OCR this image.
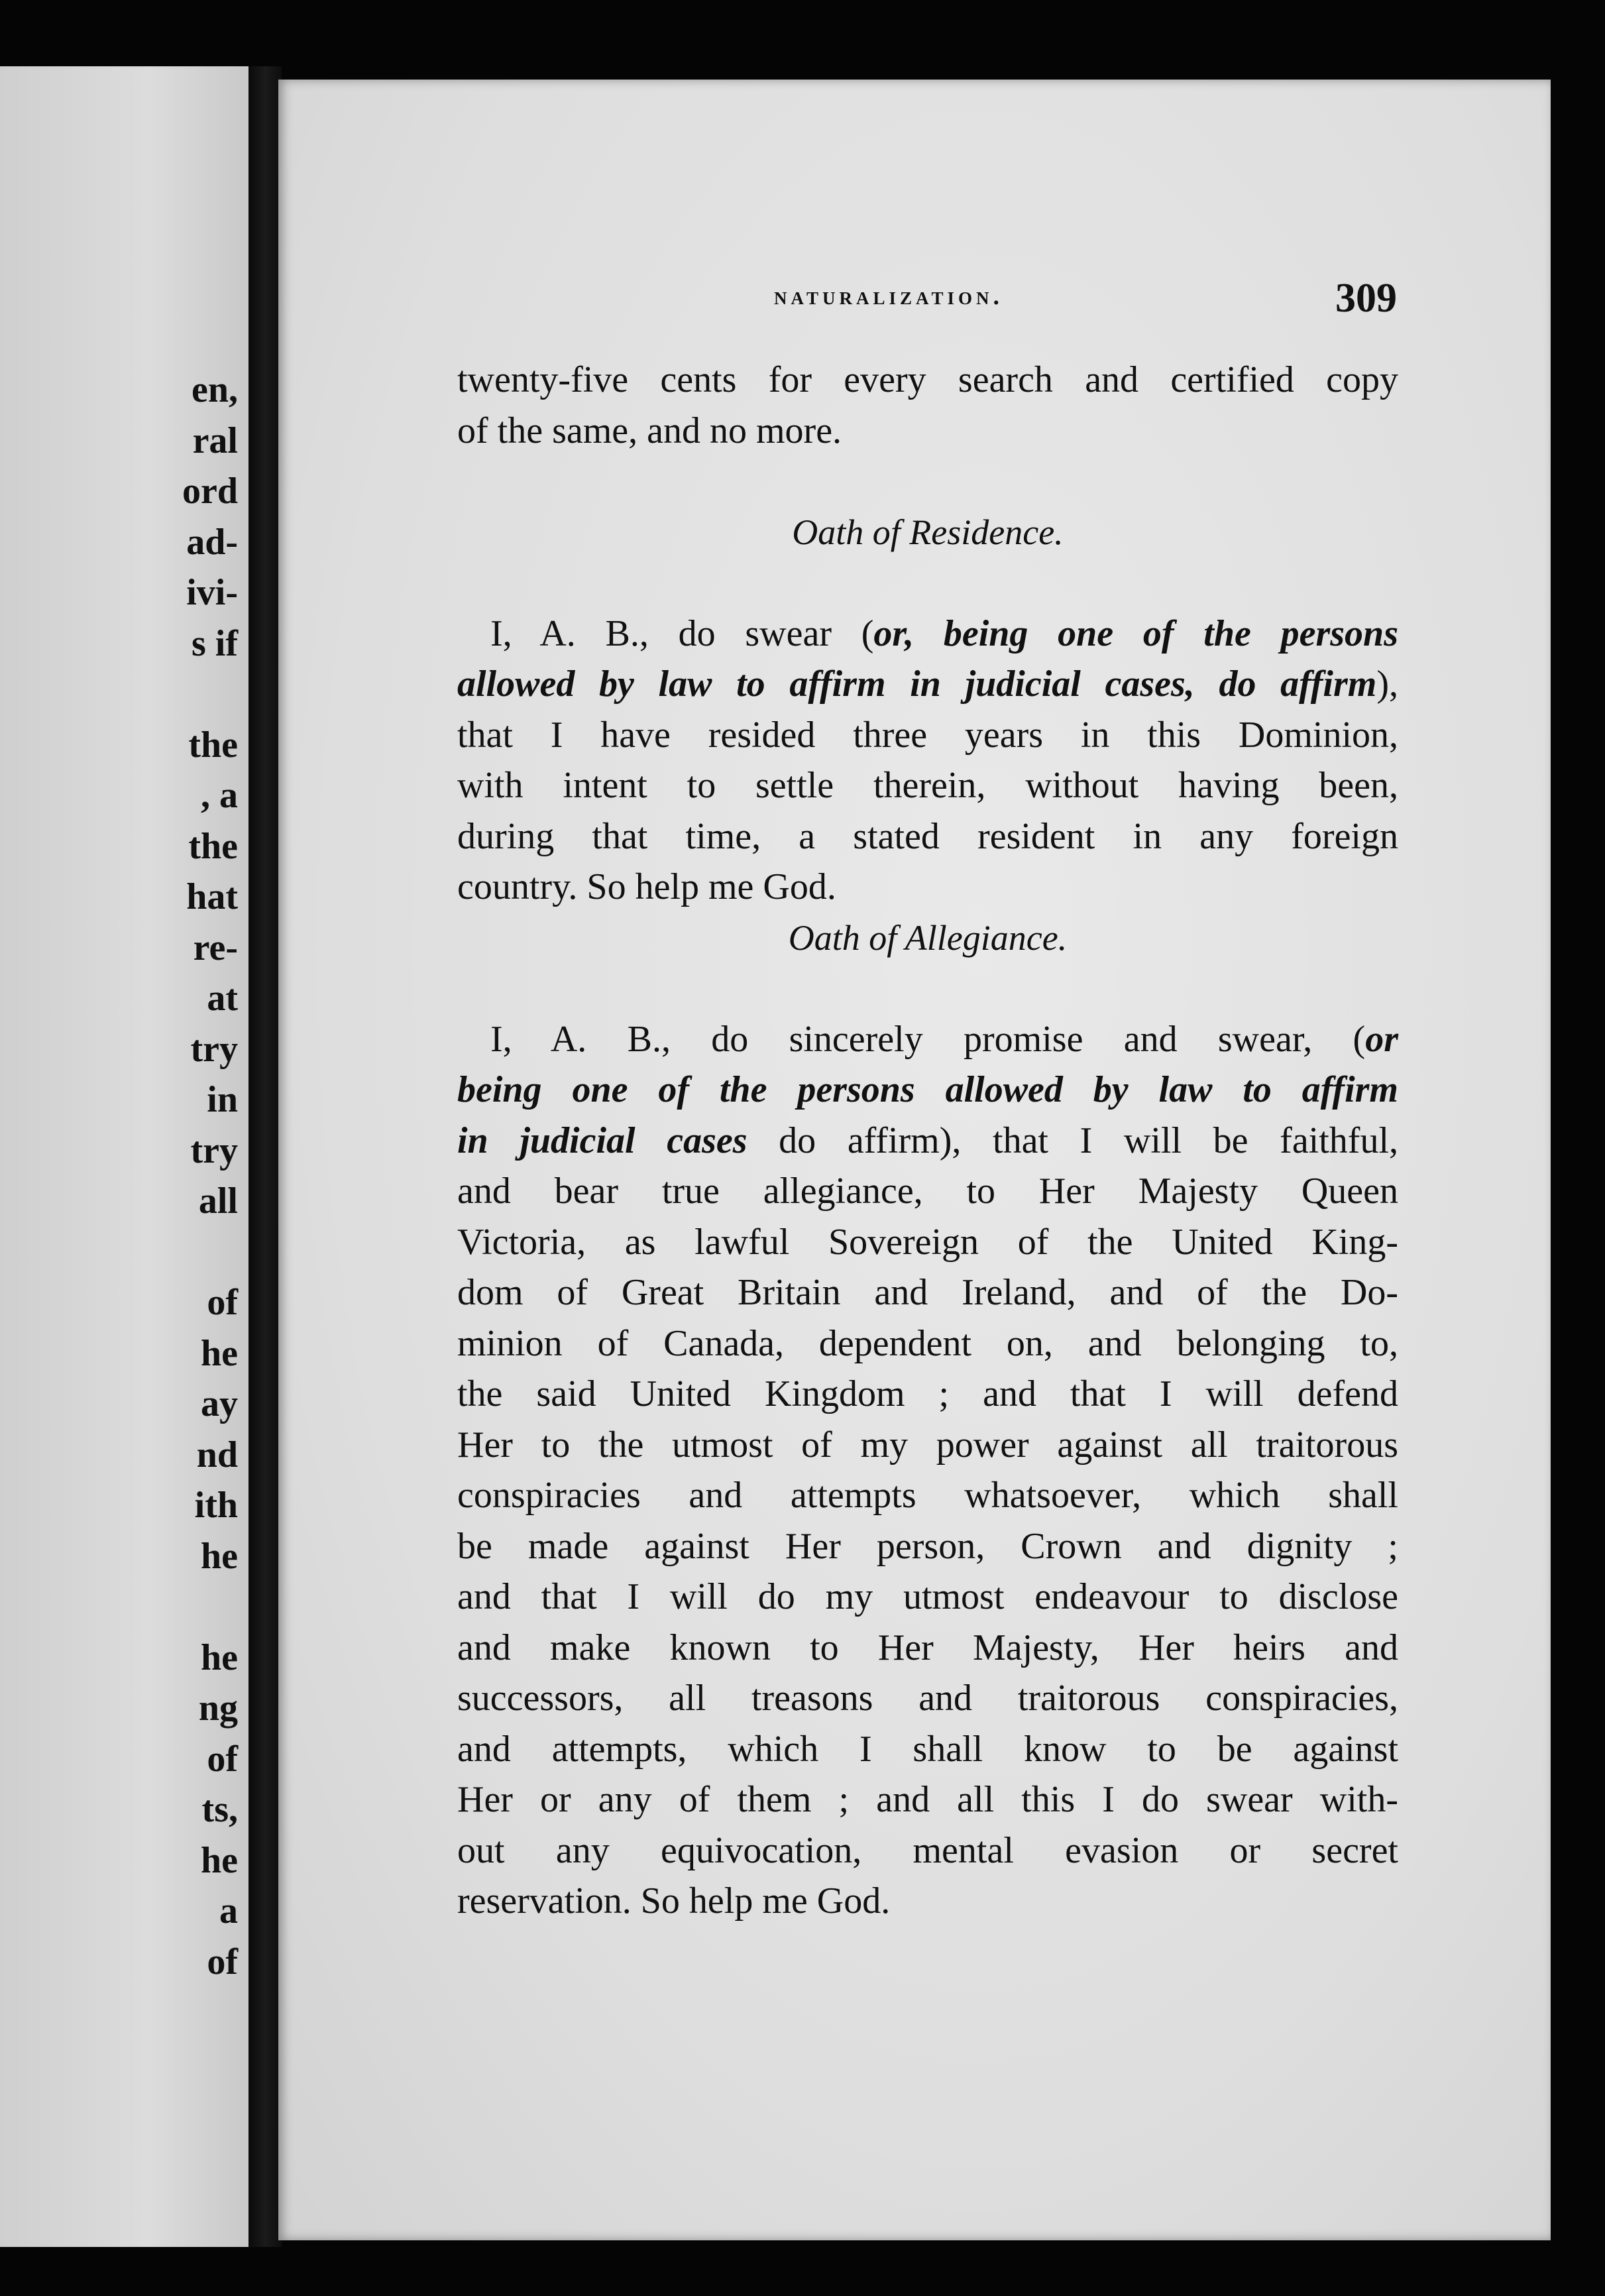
en,
ral
ord
ad-
ivi-
s if
the
, a
the
hat
re-
at
try
in
try
all
of
he
ay
nd
ith
he
he
ng
of
ts,
he
a
of
naturalization.	309
twenty-five cents for every search and certified copy
of the same, and no more.

Oath of Residence.

I, A. B., do swear (or, being one of the persons
allowed by law to affirm in judicial cases, do affirm),
that I have resided three years in this Dominion,
with intent to settle therein, without having been,
during that time, a stated resident in any foreign
country. So help me God.

Oath of Allegiance.

I, A. B., do sincerely promise and swear, (or
being one of the persons allowed by law to affirm
in judicial cases do affirm), that I will be faithful,
and bear true allegiance, to Her Majesty Queen
Victoria, as lawful Sovereign of the United King-
dom of Great Britain and Ireland, and of the Do-
minion of Canada, dependent on, and belonging to,
the said United Kingdom ; and that I will defend
Her to the utmost of my power against all traitorous
conspiracies and attempts whatsoever, which shall
be made against Her person, Crown and dignity ;
and that I will do my utmost endeavour to disclose
and make known to Her Majesty, Her heirs and
successors, all treasons and traitorous conspiracies,
and attempts, which I shall know to be against
Her or any of them ; and all this I do swear with-
out any equivocation, mental evasion or secret
reservation. So help me God.
